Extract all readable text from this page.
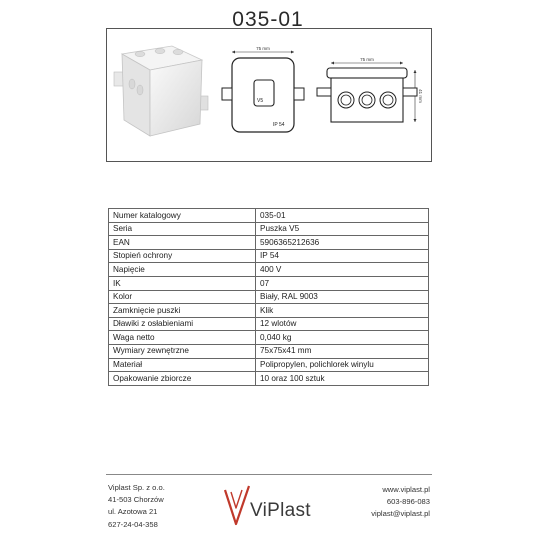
035-01
75 mm
V5
IP 54
75 mm
41 mm
Numer katalogowy	035-01
Seria	Puszka V5
EAN	5906365212636
Stopień ochrony	IP 54
Napięcie	400 V
IK	07
Kolor	Biały, RAL 9003
Zamknięcie puszki	Klik
Dławiki z osłabieniami	12 wlotów
Waga netto	0,040 kg
Wymiary zewnętrzne	75x75x41 mm
Materiał	Polipropylen, polichlorek winylu
Opakowanie zbiorcze	10 oraz 100 sztuk
Viplast Sp. z o.o.
41-503 Chorzów
ul. Azotowa 21
627-24-04-358
ViPlast
www.viplast.pl
603-896-083
viplast@viplast.pl
